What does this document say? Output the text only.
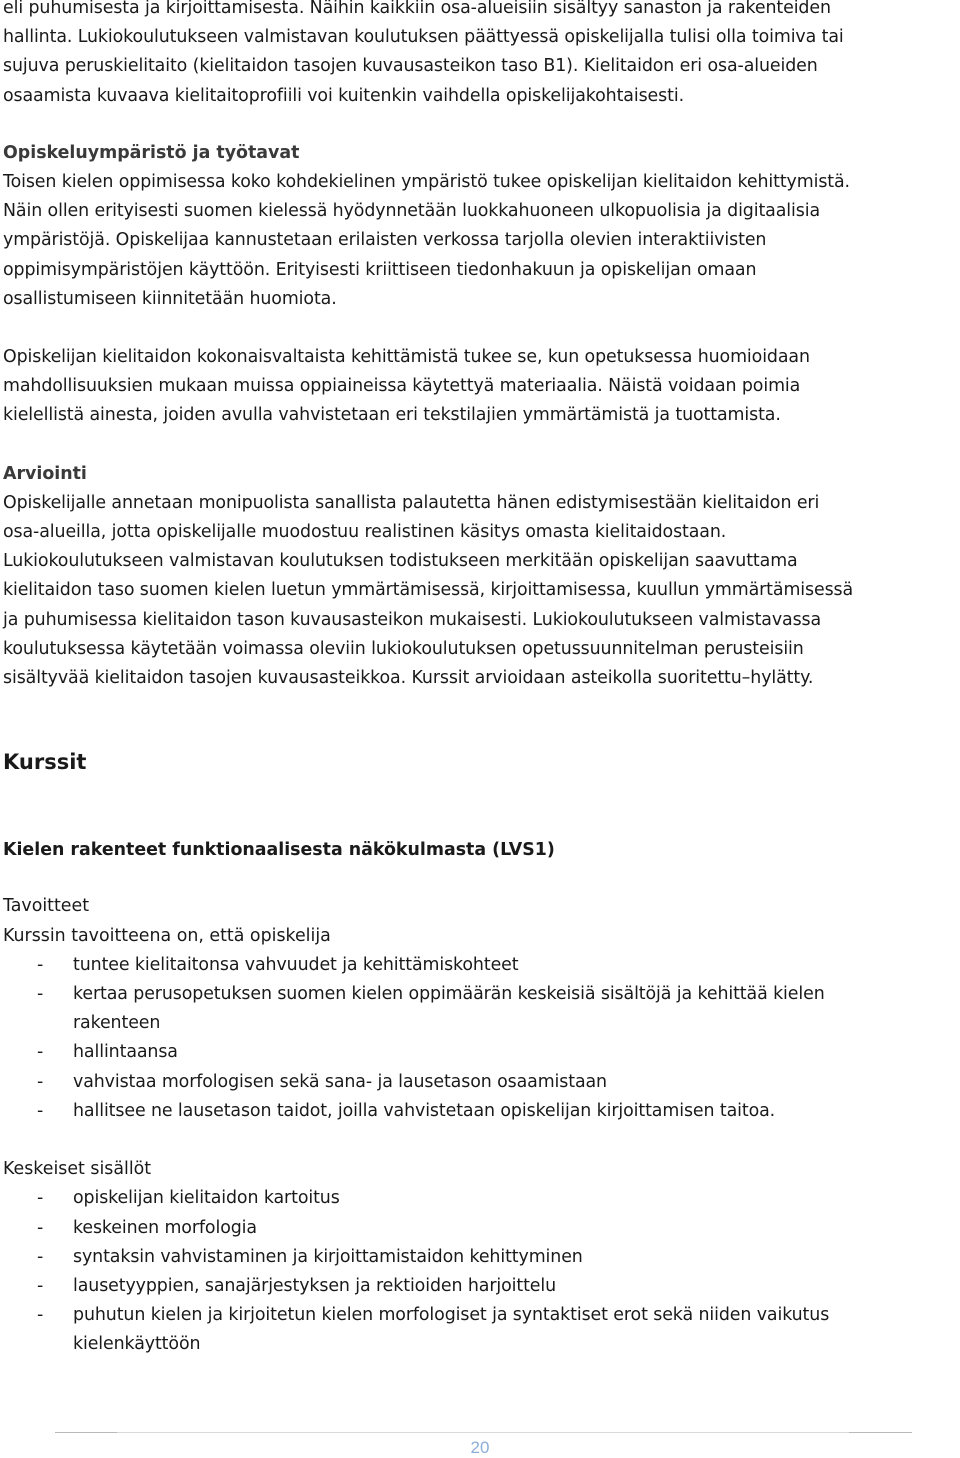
eli puhumisesta ja kirjoittamisesta. Näihin kaikkiin osa-alueisiin sisältyy sanaston ja rakenteiden
hallinta. Lukiokoulutukseen valmistavan koulutuksen päättyessä opiskelijalla tulisi olla toimiva tai
sujuva peruskielitaito (kielitaidon tasojen kuvausasteikon taso B1). Kielitaidon eri osa-alueiden
osaamista kuvaava kielitaitoprofiili voi kuitenkin vaihdella opiskelijakohtaisesti.

Opiskeluympäristö ja työtavat

Toisen kielen oppimisessa koko kohdekielinen ympäristö tukee opiskelijan kielitaidon kehittymistä.
Näin ollen erityisesti suomen kielessä hyödynnetään luokkahuoneen ulkopuolisia ja digitaalisia
ympäristöjä. Opiskelijaa kannustetaan erilaisten verkossa tarjolla olevien interaktiivisten
oppimisympäristöjen käyttöön. Erityisesti kriittiseen tiedonhakuun ja opiskelijan omaan
osallistumiseen kiinnitetään huomiota.

Opiskelijan kielitaidon kokonaisvaltaista kehittämistä tukee se, kun opetuksessa huomioidaan
mahdollisuuksien mukaan muissa oppiaineissa käytettyä materiaalia. Näistä voidaan poimia
kielellistä ainesta, joiden avulla vahvistetaan eri tekstilajien ymmärtämistä ja tuottamista.

Arviointi

Opiskelijalle annetaan monipuolista sanallista palautetta hänen edistymisestään kielitaidon eri
osa-alueilla, jotta opiskelijalle muodostuu realistinen käsitys omasta kielitaidostaan.
Lukiokoulutukseen valmistavan koulutuksen todistukseen merkitään opiskelijan saavuttama
kielitaidon taso suomen kielen luetun ymmärtämisessä, kirjoittamisessa, kuullun ymmärtämisessä
ja puhumisessa kielitaidon tason kuvausasteikon mukaisesti. Lukiokoulutukseen valmistavassa
koulutuksessa käytetään voimassa oleviin lukiokoulutuksen opetussuunnitelman perusteisiin
sisältyvää kielitaidon tasojen kuvausasteikkoa. Kurssit arvioidaan asteikolla suoritettu–hylätty.

Kurssit

Kielen rakenteet funktionaalisesta näkökulmasta (LVS1)

Tavoitteet

Kurssin tavoitteena on, että opiskelija

- tuntee kielitaitonsa vahvuudet ja kehittämiskohteet
- kertaa perusopetuksen suomen kielen oppimäärän keskeisiä sisältöjä ja kehittää kielen
rakenteen
- hallintaansa
- vahvistaa morfologisen sekä sana- ja lausetason osaamistaan
- hallitsee ne lausetason taidot, joilla vahvistetaan opiskelijan kirjoittamisen taitoa.

Keskeiset sisällöt

- opiskelijan kielitaidon kartoitus
- keskeinen morfologia
- syntaksin vahvistaminen ja kirjoittamistaidon kehittyminen
- lausetyyppien, sanajärjestyksen ja rektioiden harjoittelu
- puhutun kielen ja kirjoitetun kielen morfologiset ja syntaktiset erot sekä niiden vaikutus
kielenkäyttöön
20
